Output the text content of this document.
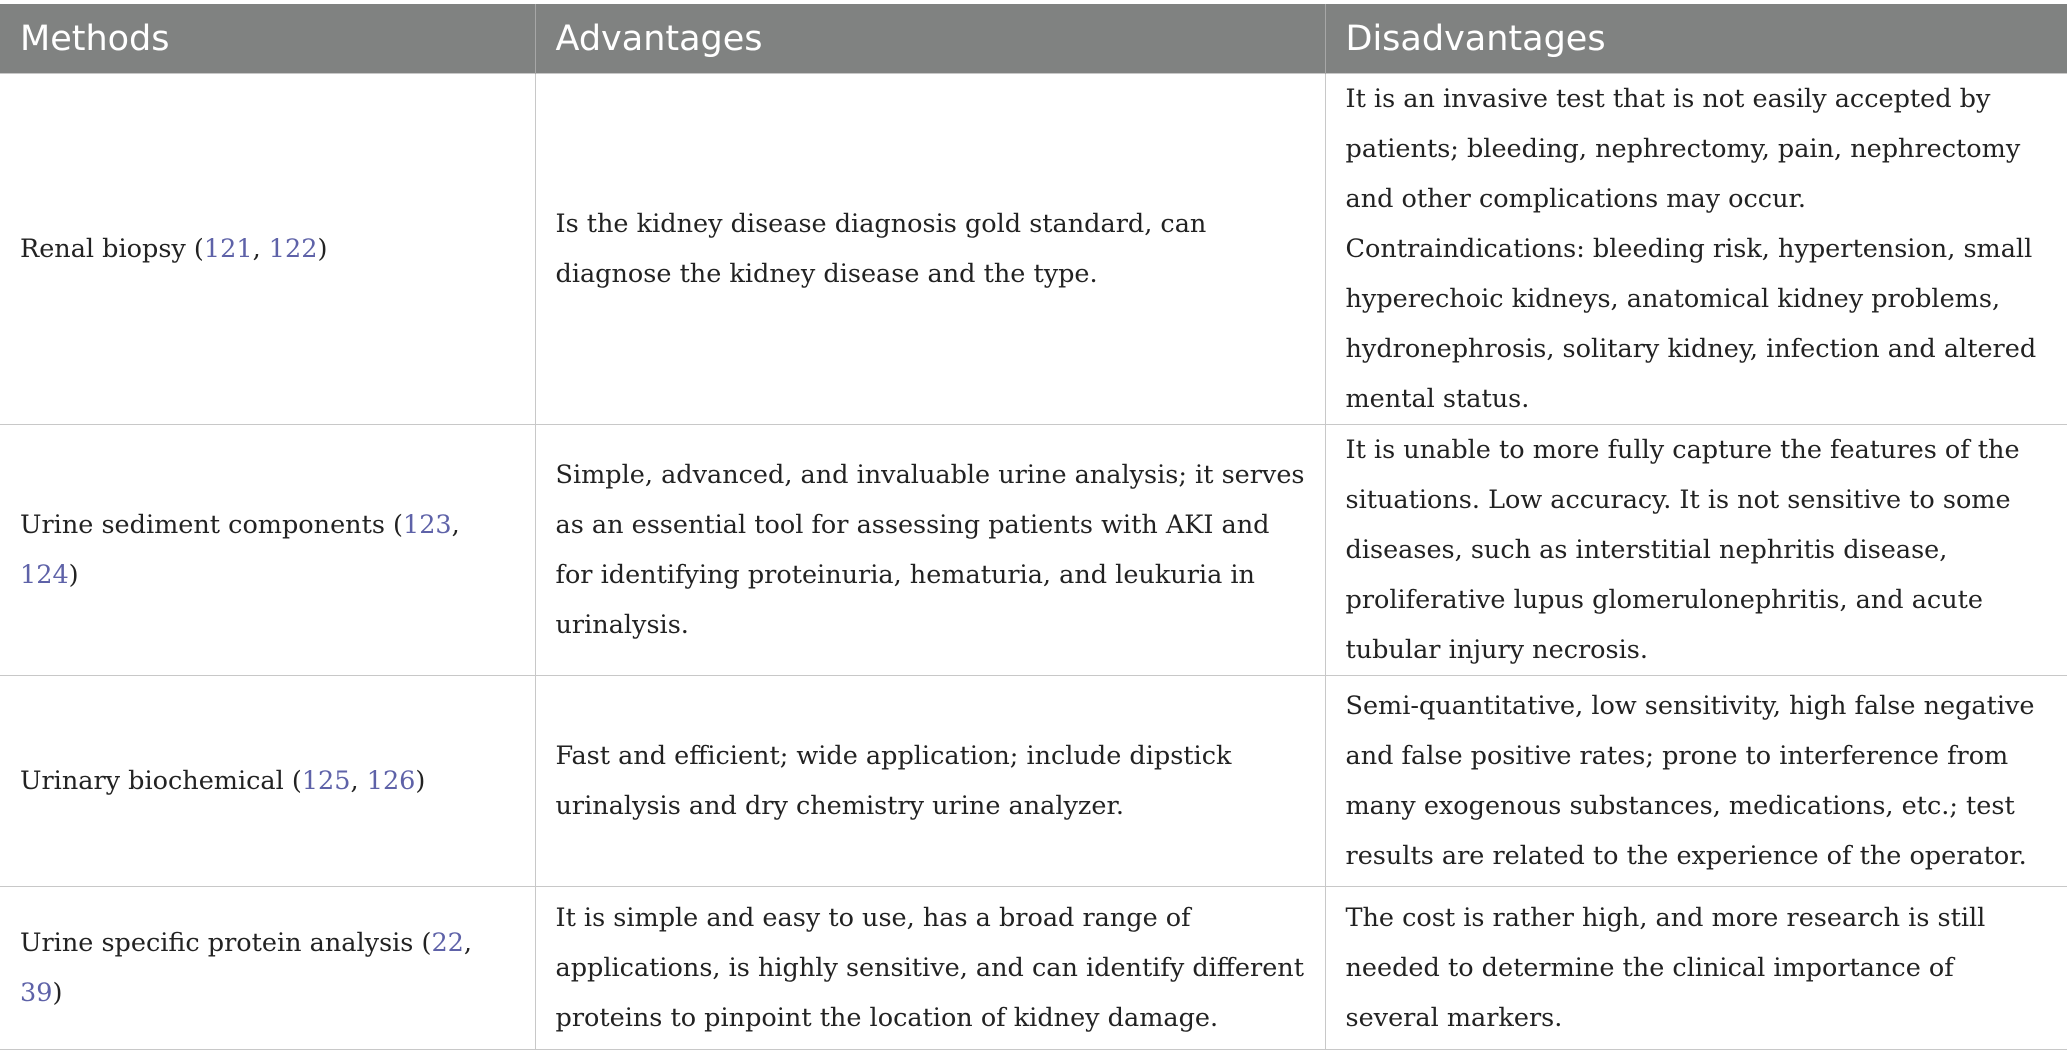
Methods	Advantages	Disadvantages
Renal biopsy (121, 122)	Is the kidney disease diagnosis gold standard, can diagnose the kidney disease and the type.	It is an invasive test that is not easily accepted by patients; bleeding, nephrectomy, pain, nephrectomy and other complications may occur. Contraindications: bleeding risk, hypertension, small hyperechoic kidneys, anatomical kidney problems, hydronephrosis, solitary kidney, infection and altered mental status.
Urine sediment components (123, 124)	Simple, advanced, and invaluable urine analysis; it serves as an essential tool for assessing patients with AKI and for identifying proteinuria, hematuria, and leukuria in urinalysis.	It is unable to more fully capture the features of the situations. Low accuracy. It is not sensitive to some diseases, such as interstitial nephritis disease, proliferative lupus glomerulonephritis, and acute tubular injury necrosis.
Urinary biochemical (125, 126)	Fast and efficient; wide application; include dipstick urinalysis and dry chemistry urine analyzer.	Semi-quantitative, low sensitivity, high false negative and false positive rates; prone to interference from many exogenous substances, medications, etc.; test results are related to the experience of the operator.
Urine specific protein analysis (22, 39)	It is simple and easy to use, has a broad range of applications, is highly sensitive, and can identify different proteins to pinpoint the location of kidney damage.	The cost is rather high, and more research is still needed to determine the clinical importance of several markers.
